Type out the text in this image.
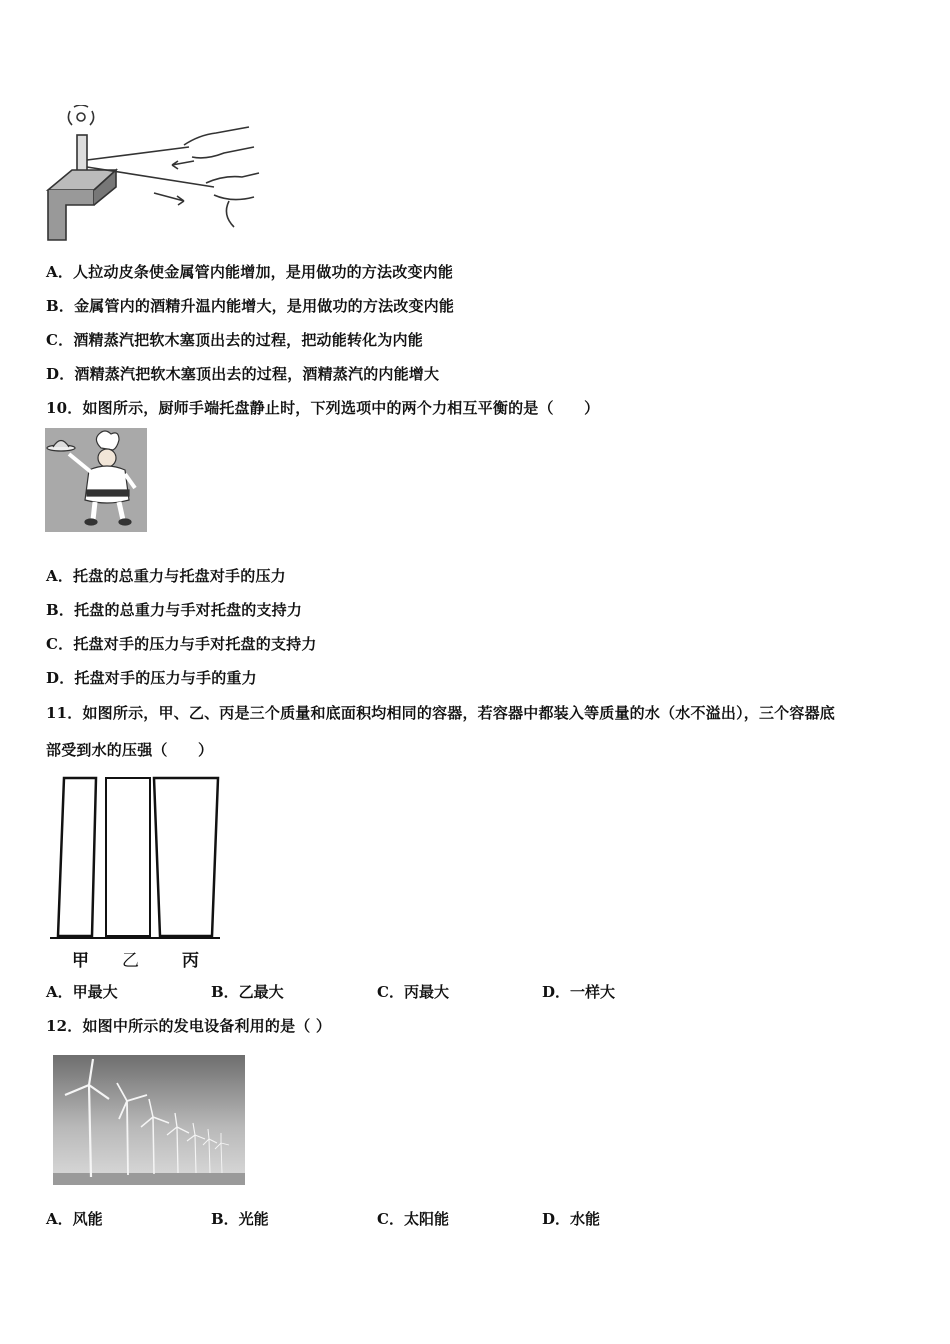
A．人拉动皮条使金属管内能增加，是用做功的方法改变内能
B．金属管内的酒精升温内能增大，是用做功的方法改变内能
C．酒精蒸汽把软木塞顶出去的过程，把动能转化为内能
D．酒精蒸汽把软木塞顶出去的过程，酒精蒸汽的内能增大
10．如图所示，厨师手端托盘静止时，下列选项中的两个力相互平衡的是（　　）
A．托盘的总重力与托盘对手的压力
B．托盘的总重力与手对托盘的支持力
C．托盘对手的压力与手对托盘的支持力
D．托盘对手的压力与手的重力
11．如图所示，甲、乙、丙是三个质量和底面积均相同的容器，若容器中都装入等质量的水（水不溢出），三个容器底
部受到水的压强（　　）
甲 乙	丙
A．甲最大	B．乙最大	C．丙最大	D．一样大
12．如图中所示的发电设备利用的是（ ）
A．风能	B．光能	C．太阳能	D．水能
